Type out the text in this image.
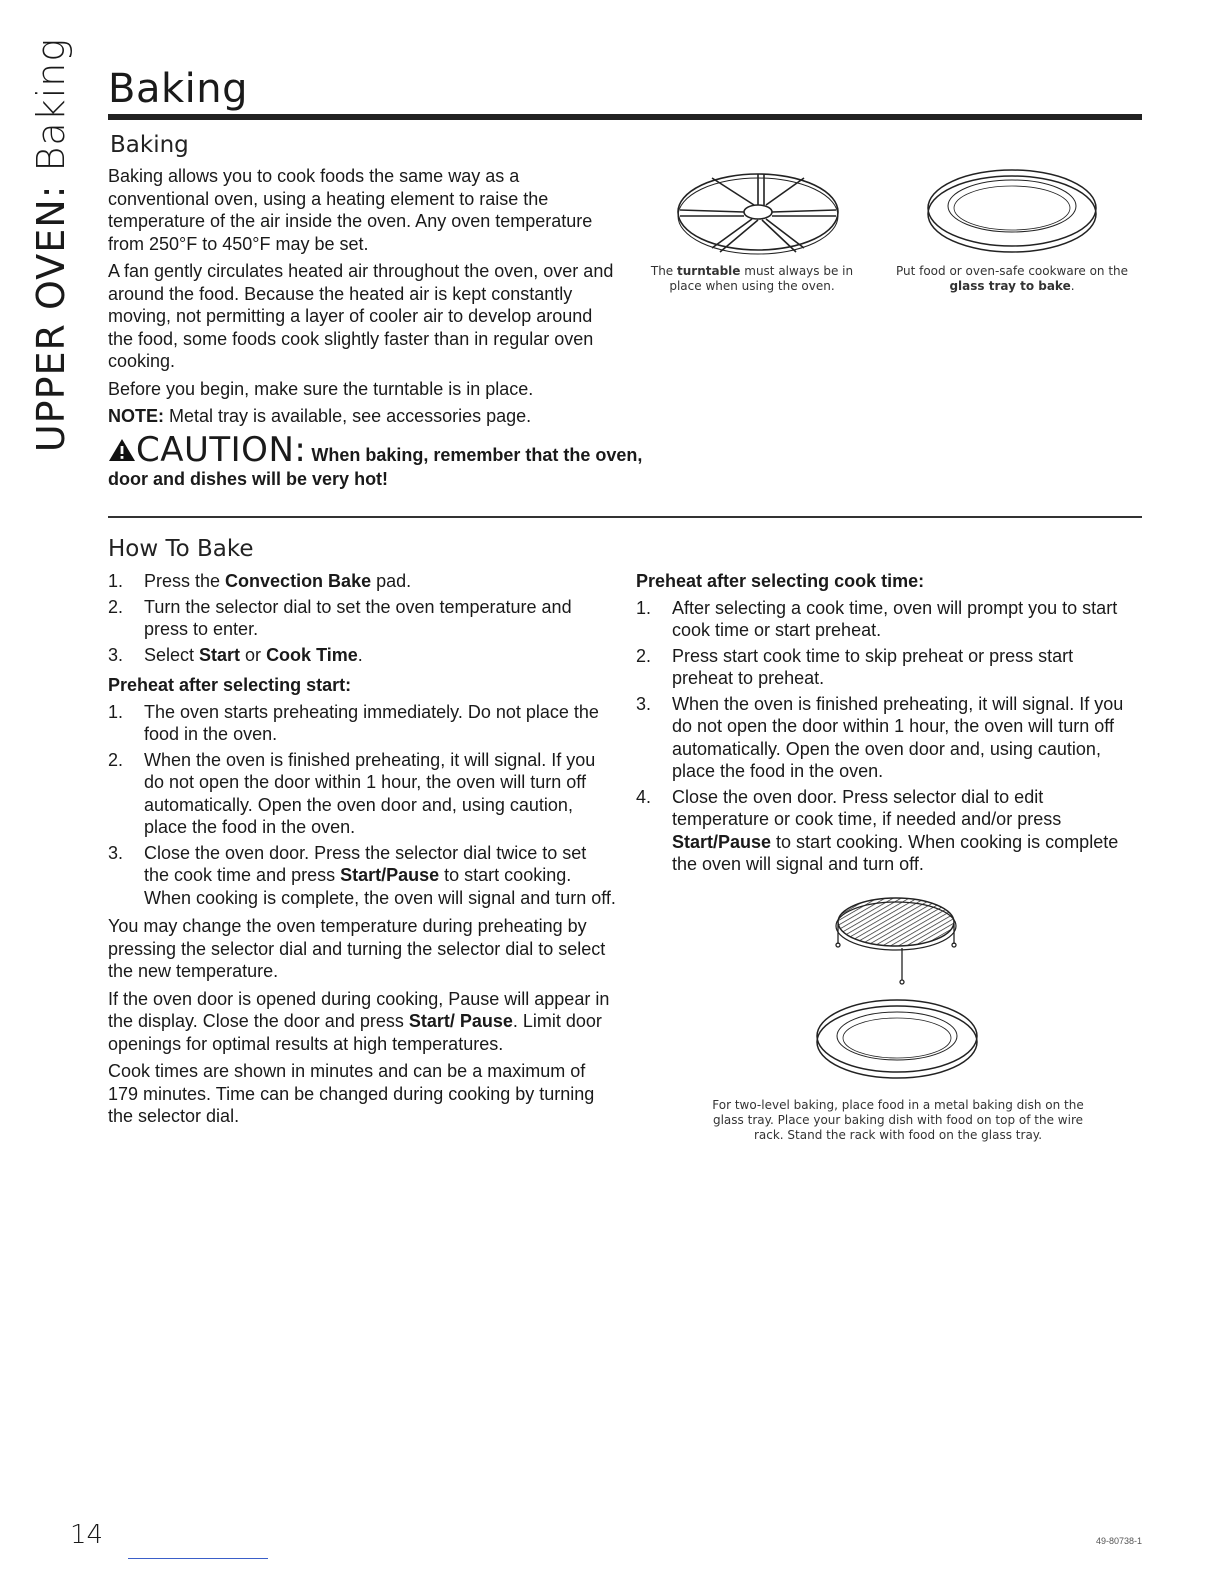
UPPER OVEN: Baking Baking
Baking

Baking allows you to cook foods the same way as a conventional oven, using a heating element to raise the temperature of the air inside the oven. Any oven temperature from 250°F to 450°F may be set.

A fan gently circulates heated air throughout the oven, over and around the food. Because the heated air is kept constantly moving, not permitting a layer of cooler air to develop around the food, some foods cook slightly faster than in regular oven cooking.

Before you begin, make sure the turntable is in place.

NOTE: Metal tray is available, see accessories page.

CAUTION: When baking, remember that the oven, door and dishes will be very hot!
The turntable must always be in place when using the oven.
Put food or oven-safe cookware on the glass tray to bake.
How To Bake
1.	Press the Convection Bake pad.
2.	Turn the selector dial to set the oven temperature and press to enter.
3.	Select Start or Cook Time.
Preheat after selecting start:
1.	The oven starts preheating immediately. Do not place the food in the oven.
2.	When the oven is finished preheating, it will signal. If you do not open the door within 1 hour, the oven will turn off automatically. Open the oven door and, using caution, place the food in the oven.
3.	Close the oven door. Press the selector dial twice to set the cook time and press Start/Pause to start cooking. When cooking is complete, the oven will signal and turn off.

You may change the oven temperature during preheating by pressing the selector dial and turning the selector dial to select the new temperature.

If the oven door is opened during cooking, Pause will appear in the display. Close the door and press Start/ Pause. Limit door openings for optimal results at high temperatures.

Cook times are shown in minutes and can be a maximum of 179 minutes. Time can be changed during cooking by turning the selector dial.

Preheat after selecting cook time:
1.	After selecting a cook time, oven will prompt you to start cook time or start preheat.
2.	Press start cook time to skip preheat or press start preheat to preheat.
3.	When the oven is finished preheating, it will signal. If you do not open the door within 1 hour, the oven will turn off automatically. Open the oven door and, using caution, place the food in the oven.
4.	Close the oven door. Press selector dial to edit temperature or cook time, if needed and/or press Start/Pause to start cooking. When cooking is complete the oven will signal and turn off.
For two-level baking, place food in a metal baking dish on the glass tray. Place your baking dish with food on top of the wire rack. Stand the rack with food on the glass tray.
14	49-80738-1
